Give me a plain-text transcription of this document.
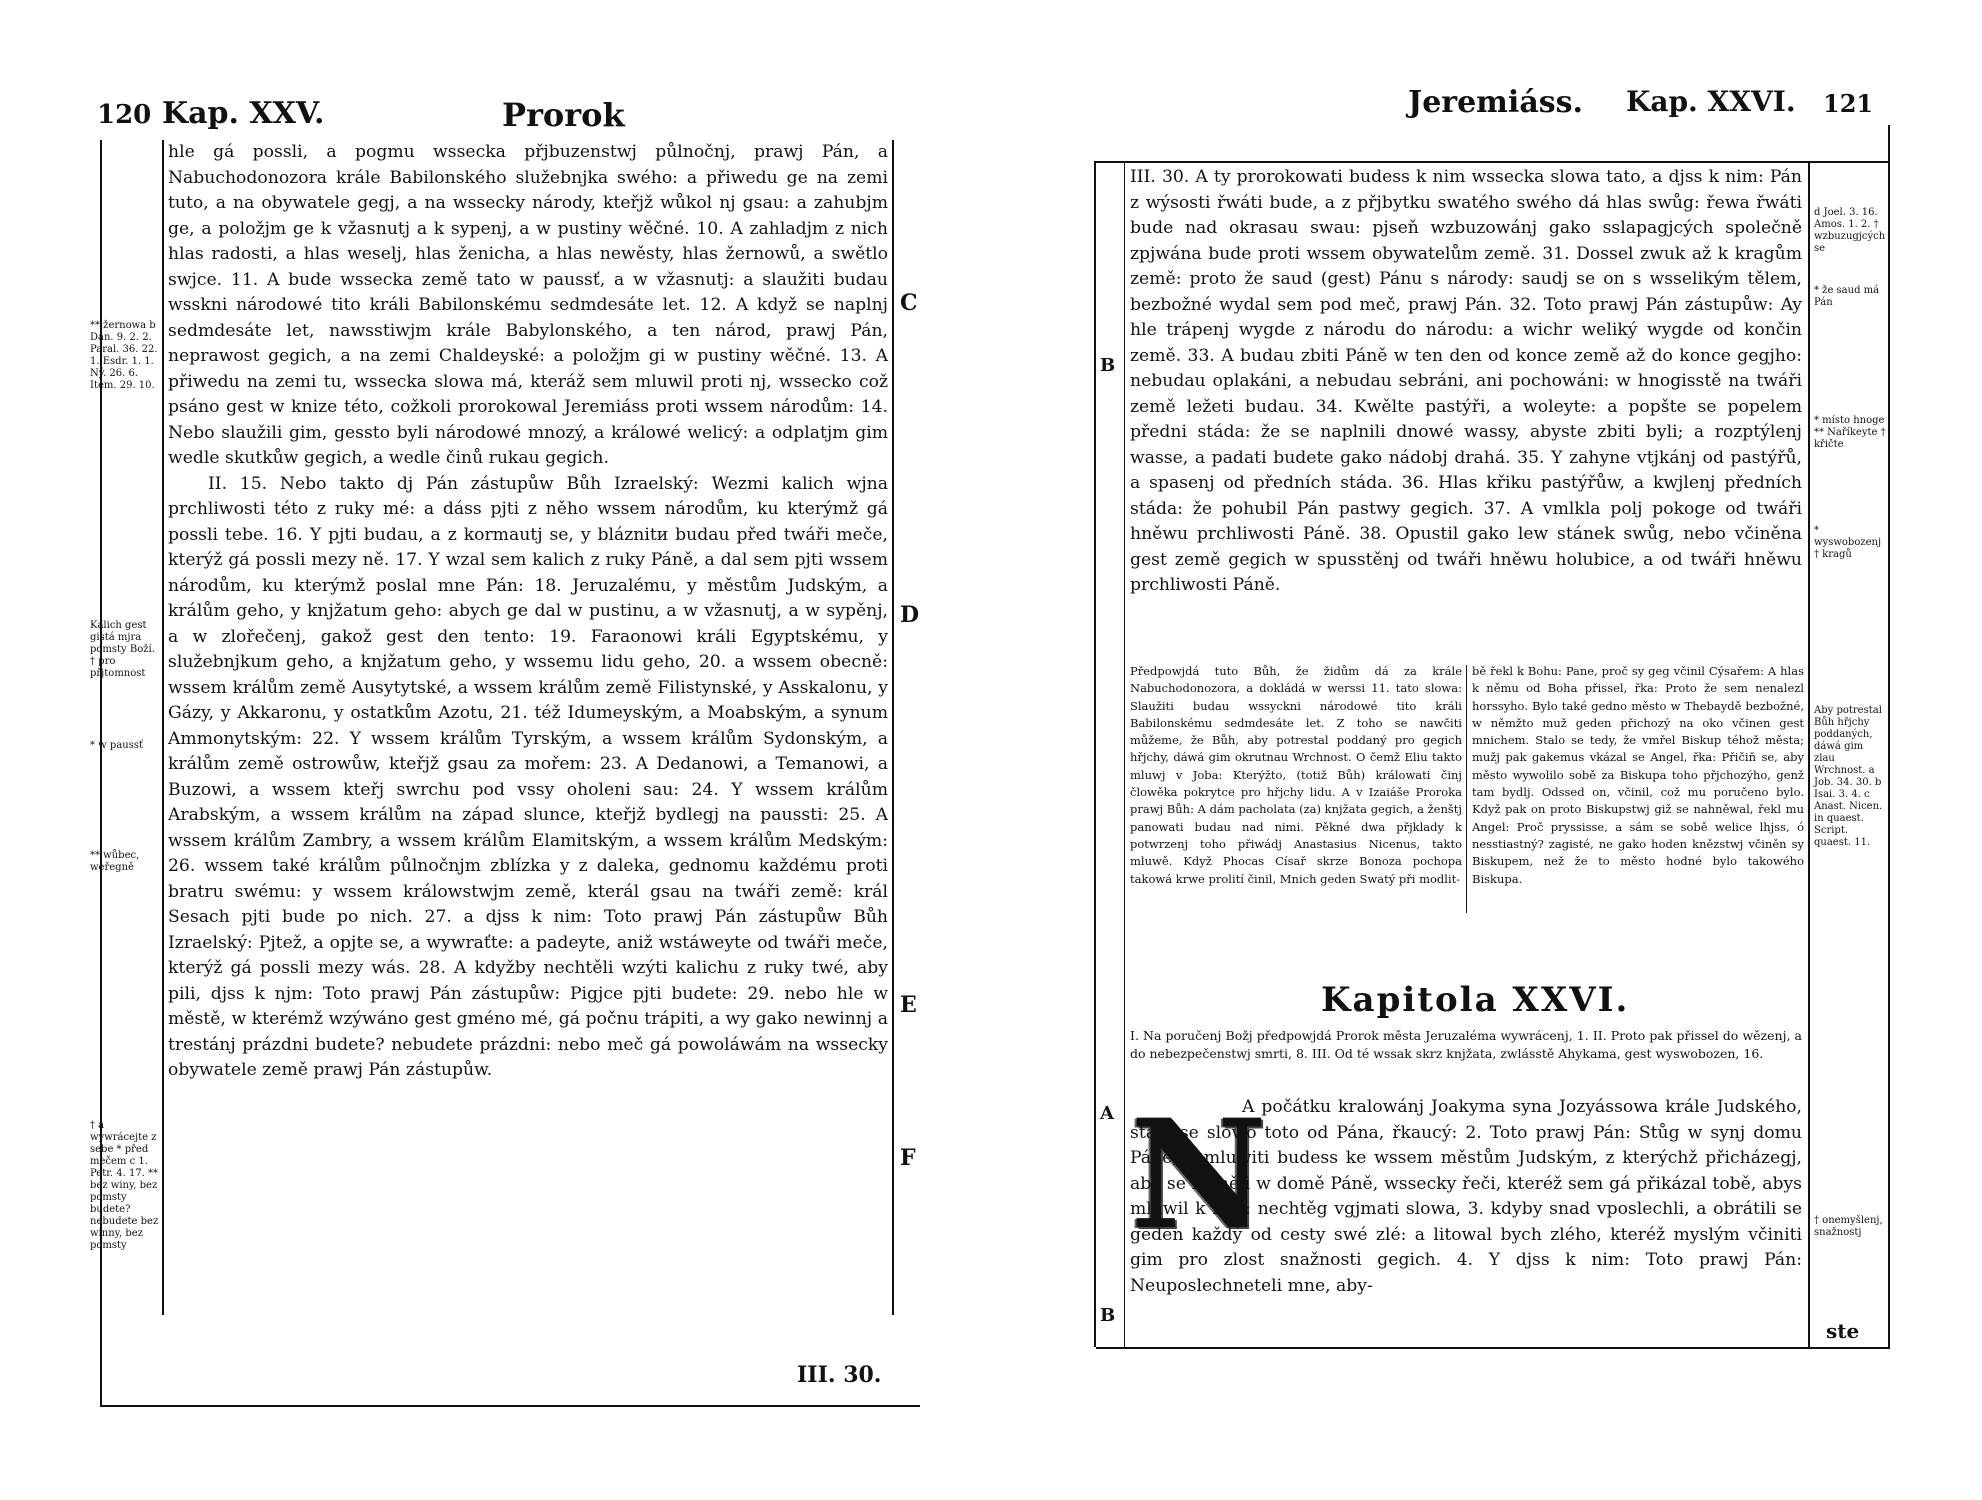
120 Kap. XXV.	Prorok
** žernowa b Dan. 9. 2. 2. Paral. 36. 22. 1. Esdr. 1. 1. Ný. 26. 6. Item. 29. 10.
Kalich gest gistá mjra pomsty Boží. † pro přjtomnost
* w paussť
** wůbec, weřegně
† a wywrácejte z sebe * před mečem c 1. Petr. 4. 17. ** bez winy, bez pomsty budete? nebudete bez winny, bez pomsty

hle gá possli, a pogmu wsseckа přjbuzenstwj půlnočnj, prawj Pán, a Nabuchodonozora krále Babilonského služebnjka swého: a přiwedu ge na zemi tuto, a na obywatele gegj, a na wssecky národy, kteřjž wůkol nj gsau: a zahubjm ge, a položjm ge k vžasnutj a k sypenj, a w pustiny wěčné. 10. A zahladjm z nich hlas radosti, a hlas weselj, hlas ženicha, a hlas newěsty, hlas žernowů, a swětlo swjce. 11. A bude wsseckа země tato w paussť, a w vžasnutj: a slaužiti budau wsskni národowé tito králi Babilonskému sedmdesáte let. 12. A když se naplnj sedmdesáte let, nawsstiwjm krále Babylonského, a ten národ, prawj Pán, neprawost gegich, a na zemi Chaldeyské: a položjm gi w pustiny wěčné. 13. A přiwedu na zemi tu, wsseckа slowa má, kteráž sem mluwil proti nj, wsseckо což psáno gest w knize této, cožkoli prorokowal Jeremiáss proti wssem národům: 14. Nebo slaužili gim, gessto byli národowé mnozý, a králowé welicý: a odplatjm gim wedle skutkůw gegich, a wedle činů rukau gegich.

II. 15. Nebo takto dj Pán zástupůw Bůh Izraelský: Wezmi kalich wjna prchliwosti této z ruky mé: a dáss pjti z něho wssem národům, ku kterýmž gá possli tebe. 16. Y pjti budau, a z kormautj se, y bláznitи budau před twáři meče, kterýž gá possli mezy ně. 17. Y wzal sem kalich z ruky Páně, a dal sem pjti wssem národům, ku kterýmž poslal mne Pán: 18. Jeruzalému, y městům Judským, a králům geho, y knjžatum geho: abych ge dal w pustinu, a w vžasnutj, a w sypěnj, a w zlořečenj, gakož gest den tento: 19. Faraonowi králi Egyptskému, y služebnjkum geho, a knjžatum geho, y wssemu lidu geho, 20. a wssem obecně: wssem králům země Ausytytské, a wssem králům země Filistynské, y Asskalonu, y Gázy, y Akkaronu, y ostatkům Azotu, 21. též Idumeyským, a Moabským, a synum Ammonytským: 22. Y wssem králům Tyrským, a wssem králům Sydonským, a králům země ostrowůw, kteřjž gsau za mořem: 23. A Dedanowi, a Temanowi, a Buzowi, a wssem kteřj swrchu pod vssy oholeni sau: 24. Y wssem králům Arabským, a wssem králům na západ slunce, kteřjž bydlegj na paussti: 25. A wssem králům Zambry, a wssem králům Elamitským, a wssem králům Medským: 26. wssem také králům půlnočnjm zblízka y z daleka, gednomu každému proti bratru swému: y wssem králowstwjm země, kterál gsau na twáři země: král Sesach pjti bude po nich. 27. a djss k nim: Toto prawj Pán zástupůw Bůh Izraelský: Pjtež, a opjte se, a wywraťte: a padeyte, aniž wstáweyte od twáři meče, kterýž gá possli mezy wás. 28. A kdyžby nechtěli wzýti kalichu z ruky twé, aby pili, djss k njm: Toto prawj Pán zástupůw: Pigjce pjti budete: 29. nebo hle w městě, w kterémž wzýwáno gest gméno mé, gá počnu trápiti, a wy gako newinnj a trestánj prázdni budete? nebudete prázdni: nebo meč gá powoláwám na wssecky obywatele země prawj Pán zástupůw.

C
D
E
F
III. 30.
Jeremiáss. Kap. XXVI. 121
III. 30. A ty prorokowati budess k nim wsseckа slowa tato, a djss k nim: Pán z wýsosti řwáti bude, a z přjbytku swatého swého dá hlas swůg: řewa řwáti bude nad okrasau swau: pjseň wzbuzowánj gako sslapagjcých společně zpjwána bude proti wssem obywatelům země. 31. Dossel zwuk až k kragům země: proto že saud (gest) Pánu s národy: saudj se on s wsselikým tělem, bezbožné wydal sem pod meč, prawj Pán. 32. Toto prawj Pán zástupůw: Ay hle trápenj wygde z národu do národu: a wichr weliký wygde od končin země. 33. A budau zbiti Páně w ten den od konce země až do konce gegjho: nebudau oplakáni, a nebudau sebráni, ani pochowáni: w hnogisstě na twáři země ležeti budau. 34. Kwělte pastýři, a woleyte: a popšte se popelem předni stáda: že se naplnili dnowé wassy, abyste zbiti byli; a rozptýlenj wasse, a padati budete gako nádobj drahá. 35. Y zahyne vtjkánj od pastýřů, a spasenj od předních stáda. 36. Hlas křiku pastýřůw, a kwjlenj předních stáda: že pohubil Pán pastwy gegich. 37. A vmlkla polj pokoge od twáři hněwu prchliwosti Páně. 38. Opustil gako lew stánek swůg, nebo včiněna gest země gegich w spusstěnj od twáři hněwu holubice, a od twáři hněwu prchliwosti Páně.
d Joel. 3. 16. Amos. 1. 2. † wzbuzugjcých se
* že saud má Pán
* místo hnoge ** Naříkeyte † křičte
* wyswobozenj † kragů
Aby potrestal Bůh hřjchy poddaných, dáwá gim zlau Wrchnost. a Job. 34. 30. b Isai. 3. 4. c Anast. Nicen. in quaest. Script. quaest. 11.
† onemyšlenj, snažnostj
B
A
B
Předpowjdá tuto Bůh, že židům dá za krále Nabuchodonozora, a dokládá w werssi 11. tato slowa: Slaužiti budau wssyckni národowé tito králi Babilonskému sedmdesáte let. Z toho se nawčiti můžeme, že Bůh, aby potrestal poddaný pro gegich hřjchy, dáwá gim okrutnau Wrchnost. O čemž Eliu takto mluwj v Joba: Kterýžto, (totiž Bůh) králowati činj člowěka pokrytce pro hřjchy lidu. A v Izaiáše Proroka prawj Bůh: A dám pacholata (za) knjžata gegich, a ženštj panowati budau nad nimi. Pěkné dwa přjklady k potwrzenj toho přiwádj Anastasius Nicenus, takto mluwě. Když Phocas Císař skrze Bonoza pochopa takowá krwe prolití činil, Mnich geden Swatý při modlit-
bě řekl k Bohu: Pane, proč sy geg včinil Cýsařem: A hlas k němu od Boha přissel, řka: Proto že sem nenalezl horssyho. Bylo také gedno město w Thebaydě bezbožné, w němžto muž geden přichozý na oko včinen gest mnichem. Stalo se tedy, že vmřel Biskup téhož města; mužj pak gakemus vkázal se Angel, řka: Přičiň se, aby město wywolilo sobě za Biskupa toho přjchozýho, genž tam bydlj. Odssed on, včinil, což mu poručeno bylo. Když pak on proto Biskupstwj giž se nahněwal, řekl mu Angel: Proč pryssisse, a sám se sobě welice lhjss, ó nesstiastný? zagisté, ne gako hoden knězstwj včiněn sy Biskupem, než že to město hodné bylo takowého Biskupa.
Kapitola XXVI.
I. Na poručenj Božj předpowjdá Prorok města Jeruzaléma wywrácenj, 1. II. Proto pak přissel do wězenj, a do nebezpečenstwj smrti, 8. III. Od té wssak skrz knjžata, zwlásstě Ahykama, gest wyswobozen, 16.
N
A počátku kralowánj Joakyma syna Jozyássowa krále Judského, stalo se slowo toto od Pána, řkaucý: 2. Toto prawj Pán: Stůg w synj domu Páně; a mluwiti budess ke wssem městům Judským, z kterýchž přicházegj, aby se klaněli w domě Páně, wssecky řeči, kteréž sem gá přikázal tobě, abys mluwil k nim: nechtěg vgjmati slowa, 3. kdyby snad vposlechli, a obrátili se geden každý od cesty swé zlé: a litowal bych zlého, kteréž myslým včiniti gim pro zlost snažnosti gegich. 4. Y djss k nim: Toto prawj Pán: Neuposlechneteli mne, aby-
ste
